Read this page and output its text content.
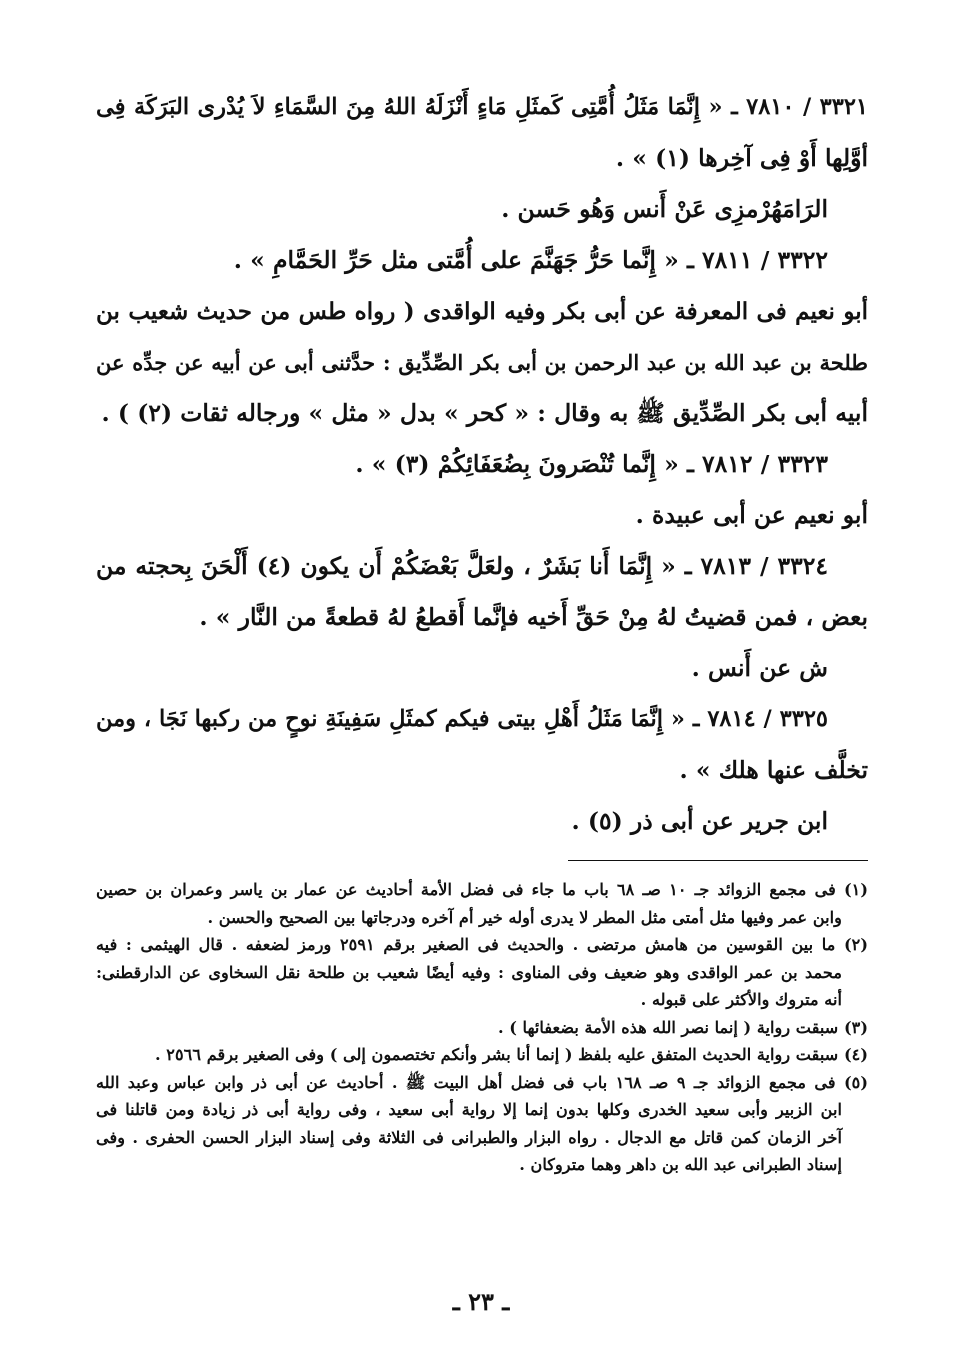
٣٣٢١ / ٧٨١٠ ـ « إِنَّمَا مَثَلُ أُمَّتِى كَمثَلِ مَاءٍ أَنْزَلَهُ اللهُ مِنَ السَّمَاءِ لاَ يُدْرى البَرَكَة فِى
أوَّلِها أَوْ فِى آخِرها (١) » .
الرَامَهُرْمزِى عَنْ أَنس وَهُو حَسن .
٣٣٢٢ / ٧٨١١ ـ « إِنَّما حَرُّ جَهَنَّمَ على أُمَّتى مثل حَرِّ الحَمَّامِ » .
أبو نعيم فى المعرفة عن أبى بكر وفيه الواقدى ( رواه طس من حديث شعيب بن
طلحة بن عبد الله بن عبد الرحمن بن أبى بكر الصِّدِّيق : حدَّثنى أبى عن أبيه عن جدِّه عن
أبيه أبى بكر الصِّدِّيق ﷺ به وقال : « كحر » بدل « مثل » ورجاله ثقات (٢) ) .
٣٣٢٣ / ٧٨١٢ ـ « إِنَّما تُنْصَرونَ بِضُعَفَائِكُمْ (٣) » .
أبو نعيم عن أبى عبيدة .
٣٣٢٤ / ٧٨١٣ ـ « إِنَّمَا أَنا بَشَرٌ ، ولعَلَّ بَعْضَكُمْ أَن يكون (٤) أَلْحَنَ بِحجته من
بعض ، فمن قضيتُ لهُ مِنْ حَقِّ أَخيه فإنَّما أَقطعُ لهُ قطعةً من النَّار » .
ش عن أَنس .
٣٣٢٥ / ٧٨١٤ ـ « إِنَّمَا مَثَلُ أَهْلِ بيتى فيكم كمثَلِ سَفِينَةِ نوحٍ من ركبها نَجَا ، ومن
تخلَّف عنها هلك » .
ابن جرير عن أبى ذر (٥) .
(١) فى مجمع الزوائد جـ ١٠ صـ ٦٨ باب ما جاء فى فضل الأمة أحاديث عن عمار بن ياسر وعمران بن حصين
وابن عمر وفيها مثل أمتى مثل المطر لا يدرى أوله خير أم آخره ودرجاتها بين الصحيح والحسن .
(٢) ما بين القوسين من هامش مرتضى . والحديث فى الصغير برقم ٢٥٩١ ورمز لضعفه . قال الهيثمى : فيه
محمد بن عمر الواقدى وهو ضعيف وفى المناوى : وفيه أيضًا شعيب بن طلحة نقل السخاوى عن الدارقطنى:
أنه متروك والأكثر على قبوله .
(٣) سبقت رواية ( إنما نصر الله هذه الأمة بضعفائها ) .
(٤) سبقت رواية الحديث المتفق عليه بلفظ ( إنما أنا بشر وأنكم تختصمون إلى ) وفى الصغير برقم ٢٥٦٦ .
(٥) فى مجمع الزوائد جـ ٩ صـ ١٦٨ باب فى فضل أهل البيت ﷺ . أحاديث عن أبى ذر وابن عباس وعبد الله
ابن الزبير وأبى سعيد الخدرى وكلها بدون إنما إلا رواية أبى سعيد ، وفى رواية أبى ذر زيادة ومن قاتلنا فى
آخر الزمان كمن قاتل مع الدجال . رواه البزار والطبرانى فى الثلاثة وفى إسناد البزار الحسن الحفرى . وفى
إسناد الطبرانى عبد الله بن داهر وهما متروكان .
ـ ٢٣ ـ
